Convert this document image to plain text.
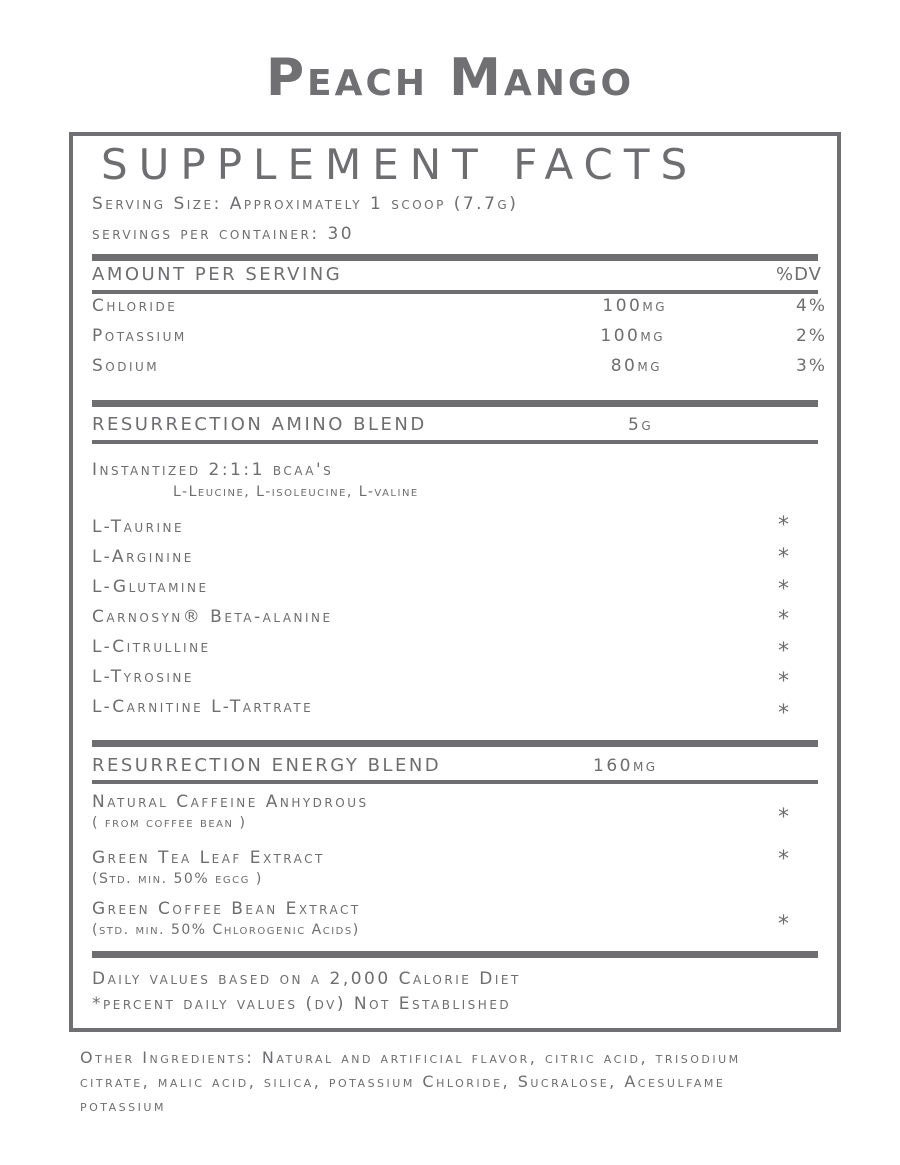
Peach Mango
SUPPLEMENT FACTS
Serving Size: Approximately 1 scoop (7.7g)
servings per container: 30
AMOUNT PER SERVING	%DV
Chloride	100mg	4%
Potassium	100mg	2%
Sodium	80mg	3%
RESURRECTION AMINO BLEND	5g
Instantized 2:1:1 bcaa's
L-Leucine, L-isoleucine, L-valine
L-Taurine	*
L-Arginine	*
L-Glutamine	*
Carnosyn® Beta-alanine	*
L-Citrulline	*
L-Tyrosine	*
L-Carnitine L-Tartrate	*
RESURRECTION ENERGY BLEND	160mg
Natural Caffeine Anhydrous
( from coffee bean )	*
Green Tea Leaf Extract
(Std. min. 50% egcg )
*
Green Coffee Bean Extract
(std. min. 50% Chlorogenic Acids)	*
Daily values based on a 2,000 Calorie Diet
*percent daily values (dv) Not Established
Other Ingredients: Natural and artificial flavor, citric acid, trisodium citrate, malic acid, silica, potassium Chloride, Sucralose, Acesulfame potassium
